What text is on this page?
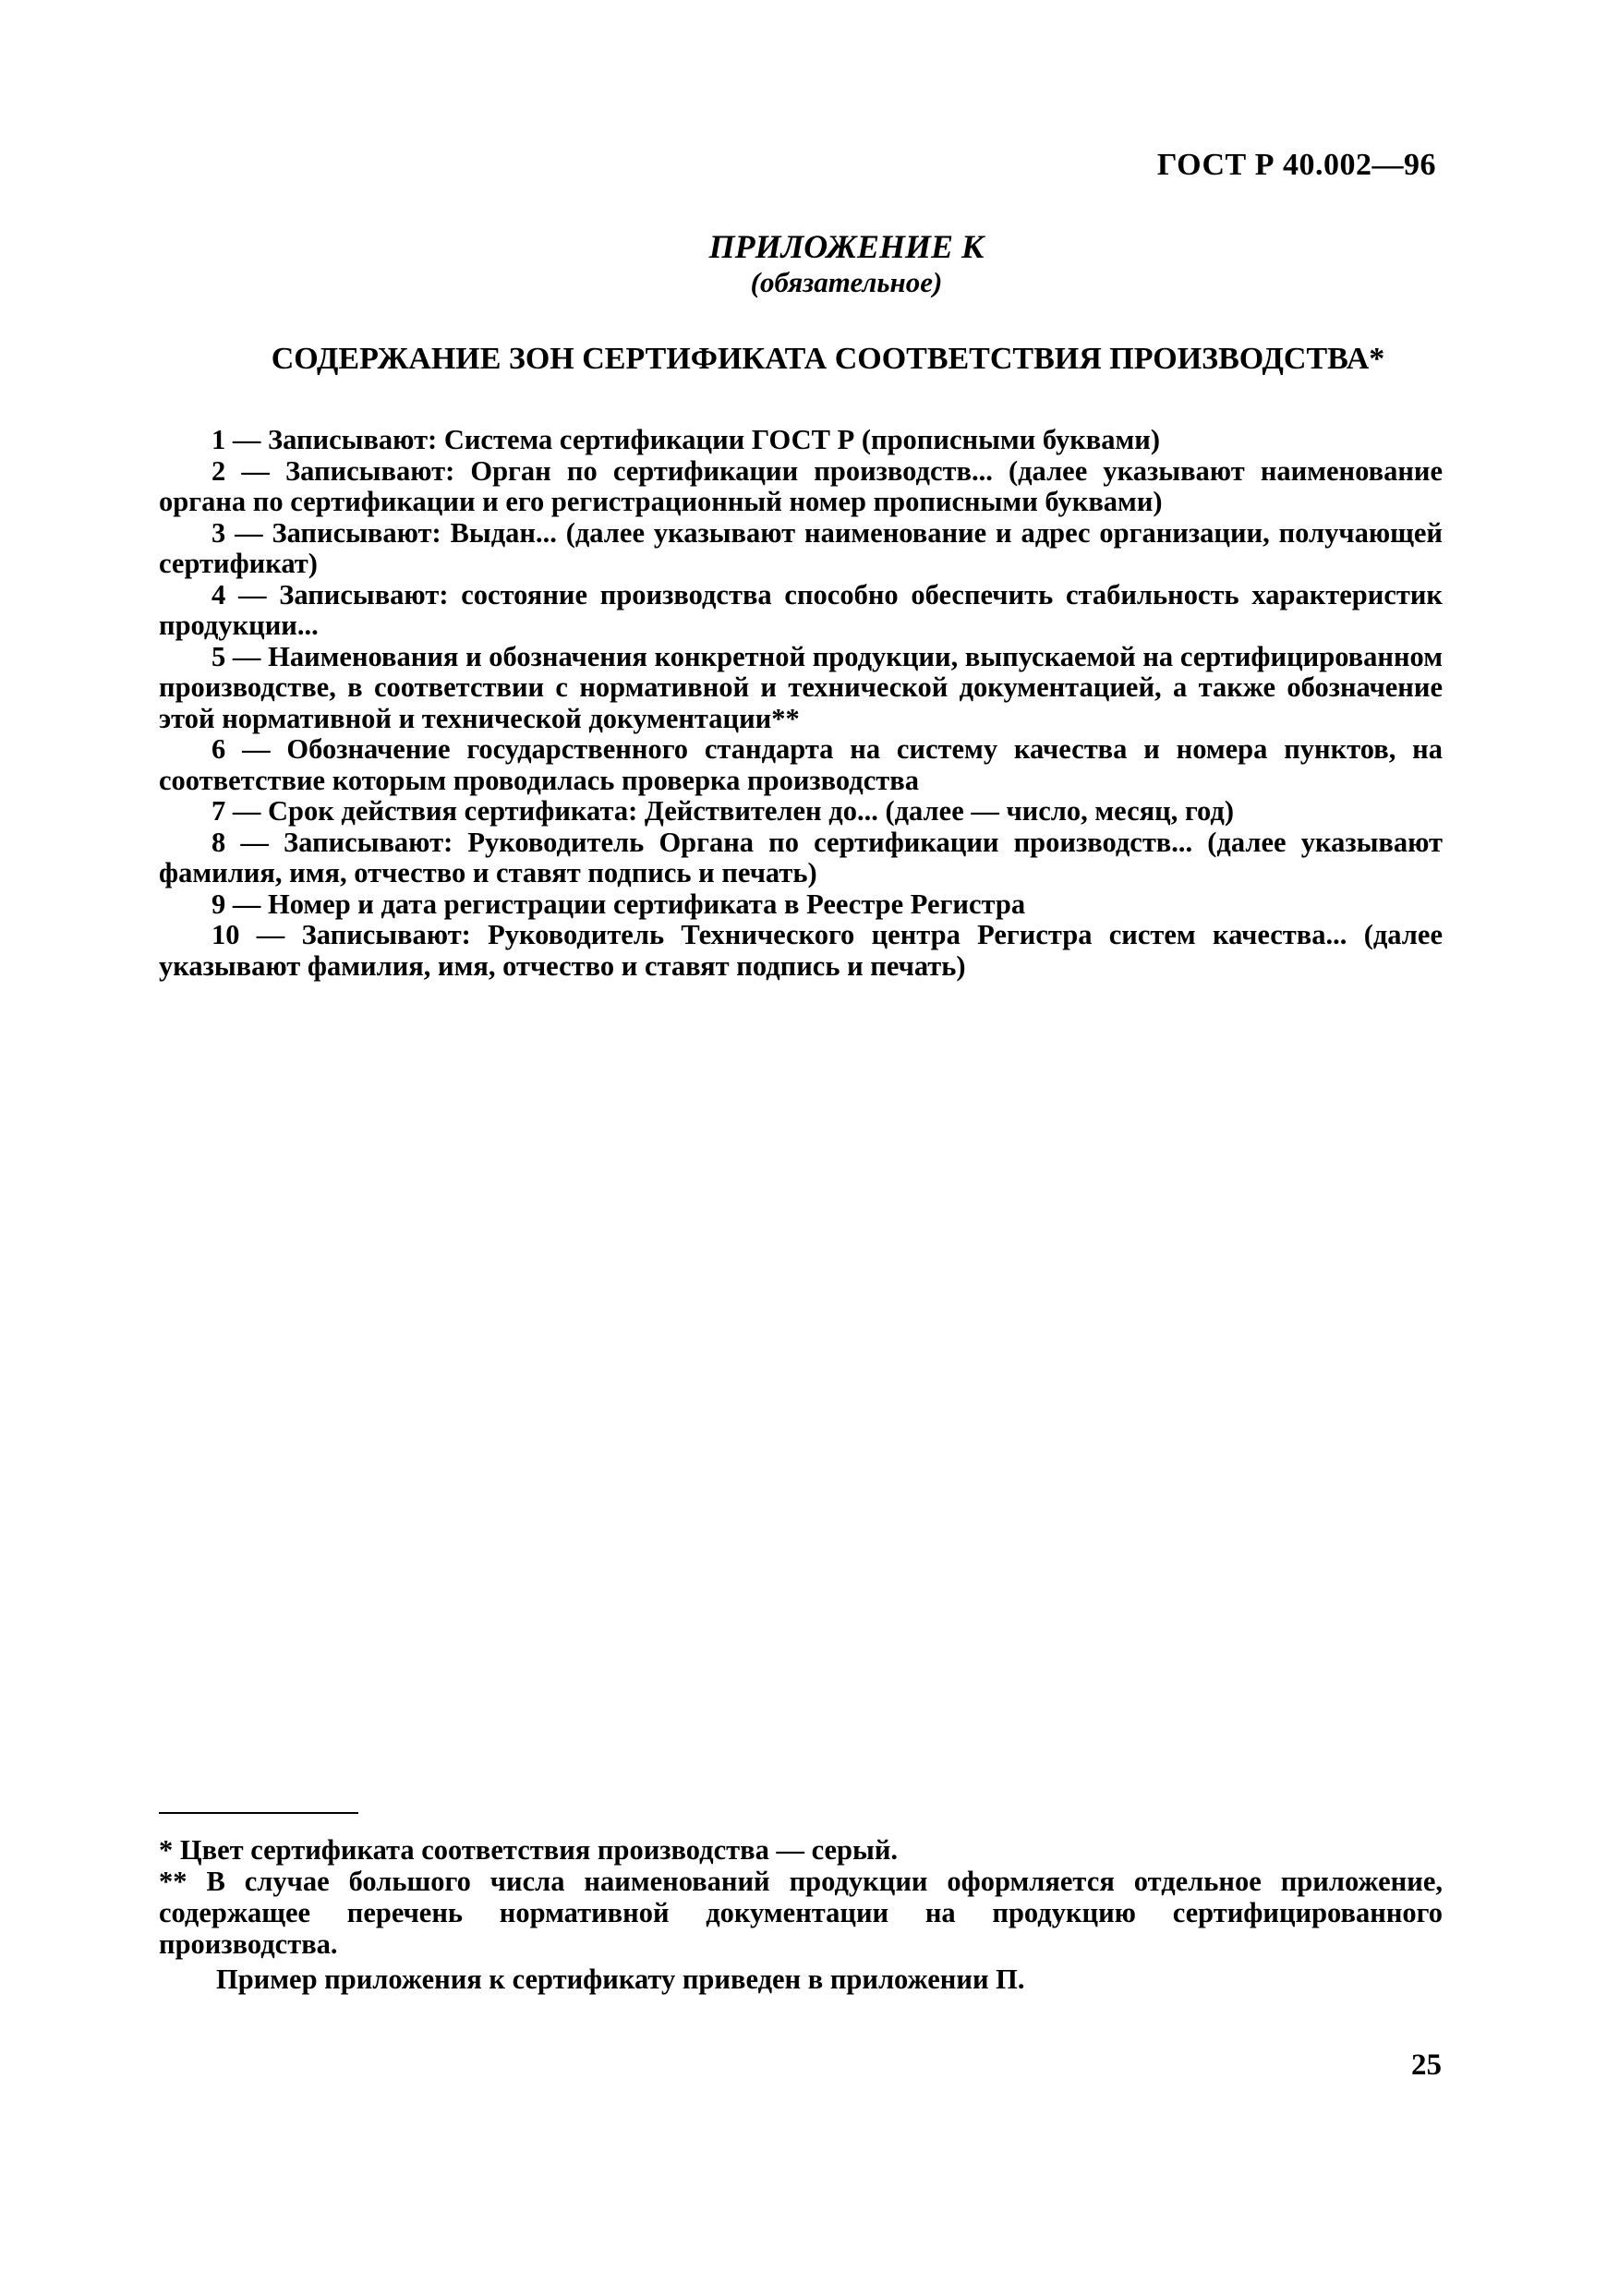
ГОСТ Р 40.002—96
ПРИЛОЖЕНИЕ К
(обязательное)
СОДЕРЖАНИЕ ЗОН СЕРТИФИКАТА СООТВЕТСТВИЯ ПРОИЗВОДСТВА*

1 — Записывают: Система сертификации ГОСТ Р (прописными буквами)

2 — Записывают: Орган по сертификации производств... (далее указывают наименование органа по сертификации и его регистрационный номер прописными буквами)

3 — Записывают: Выдан... (далее указывают наименование и адрес организации, получающей сертификат)

4 — Записывают: состояние производства способно обеспечить стабильность характеристик продукции...

5 — Наименования и обозначения конкретной продукции, выпускаемой на сертифицированном производстве, в соответствии с нормативной и технической документацией, а также обозначение этой нормативной и технической документации**

6 — Обозначение государственного стандарта на систему качества и номера пунктов, на соответствие которым проводилась проверка производства

7 — Срок действия сертификата: Действителен до... (далее — число, месяц, год)

8 — Записывают: Руководитель Органа по сертификации производств... (далее указывают фамилия, имя, отчество и ставят подпись и печать)

9 — Номер и дата регистрации сертификата в Реестре Регистра

10 — Записывают: Руководитель Технического центра Регистра систем качества... (далее указывают фамилия, имя, отчество и ставят подпись и печать)

* Цвет сертификата соответствия производства — серый.

** В случае большого числа наименований продукции оформляется отдельное приложение, содержащее перечень нормативной документации на продукцию сертифицированного производства.

Пример приложения к сертификату приведен в приложении П.

25
